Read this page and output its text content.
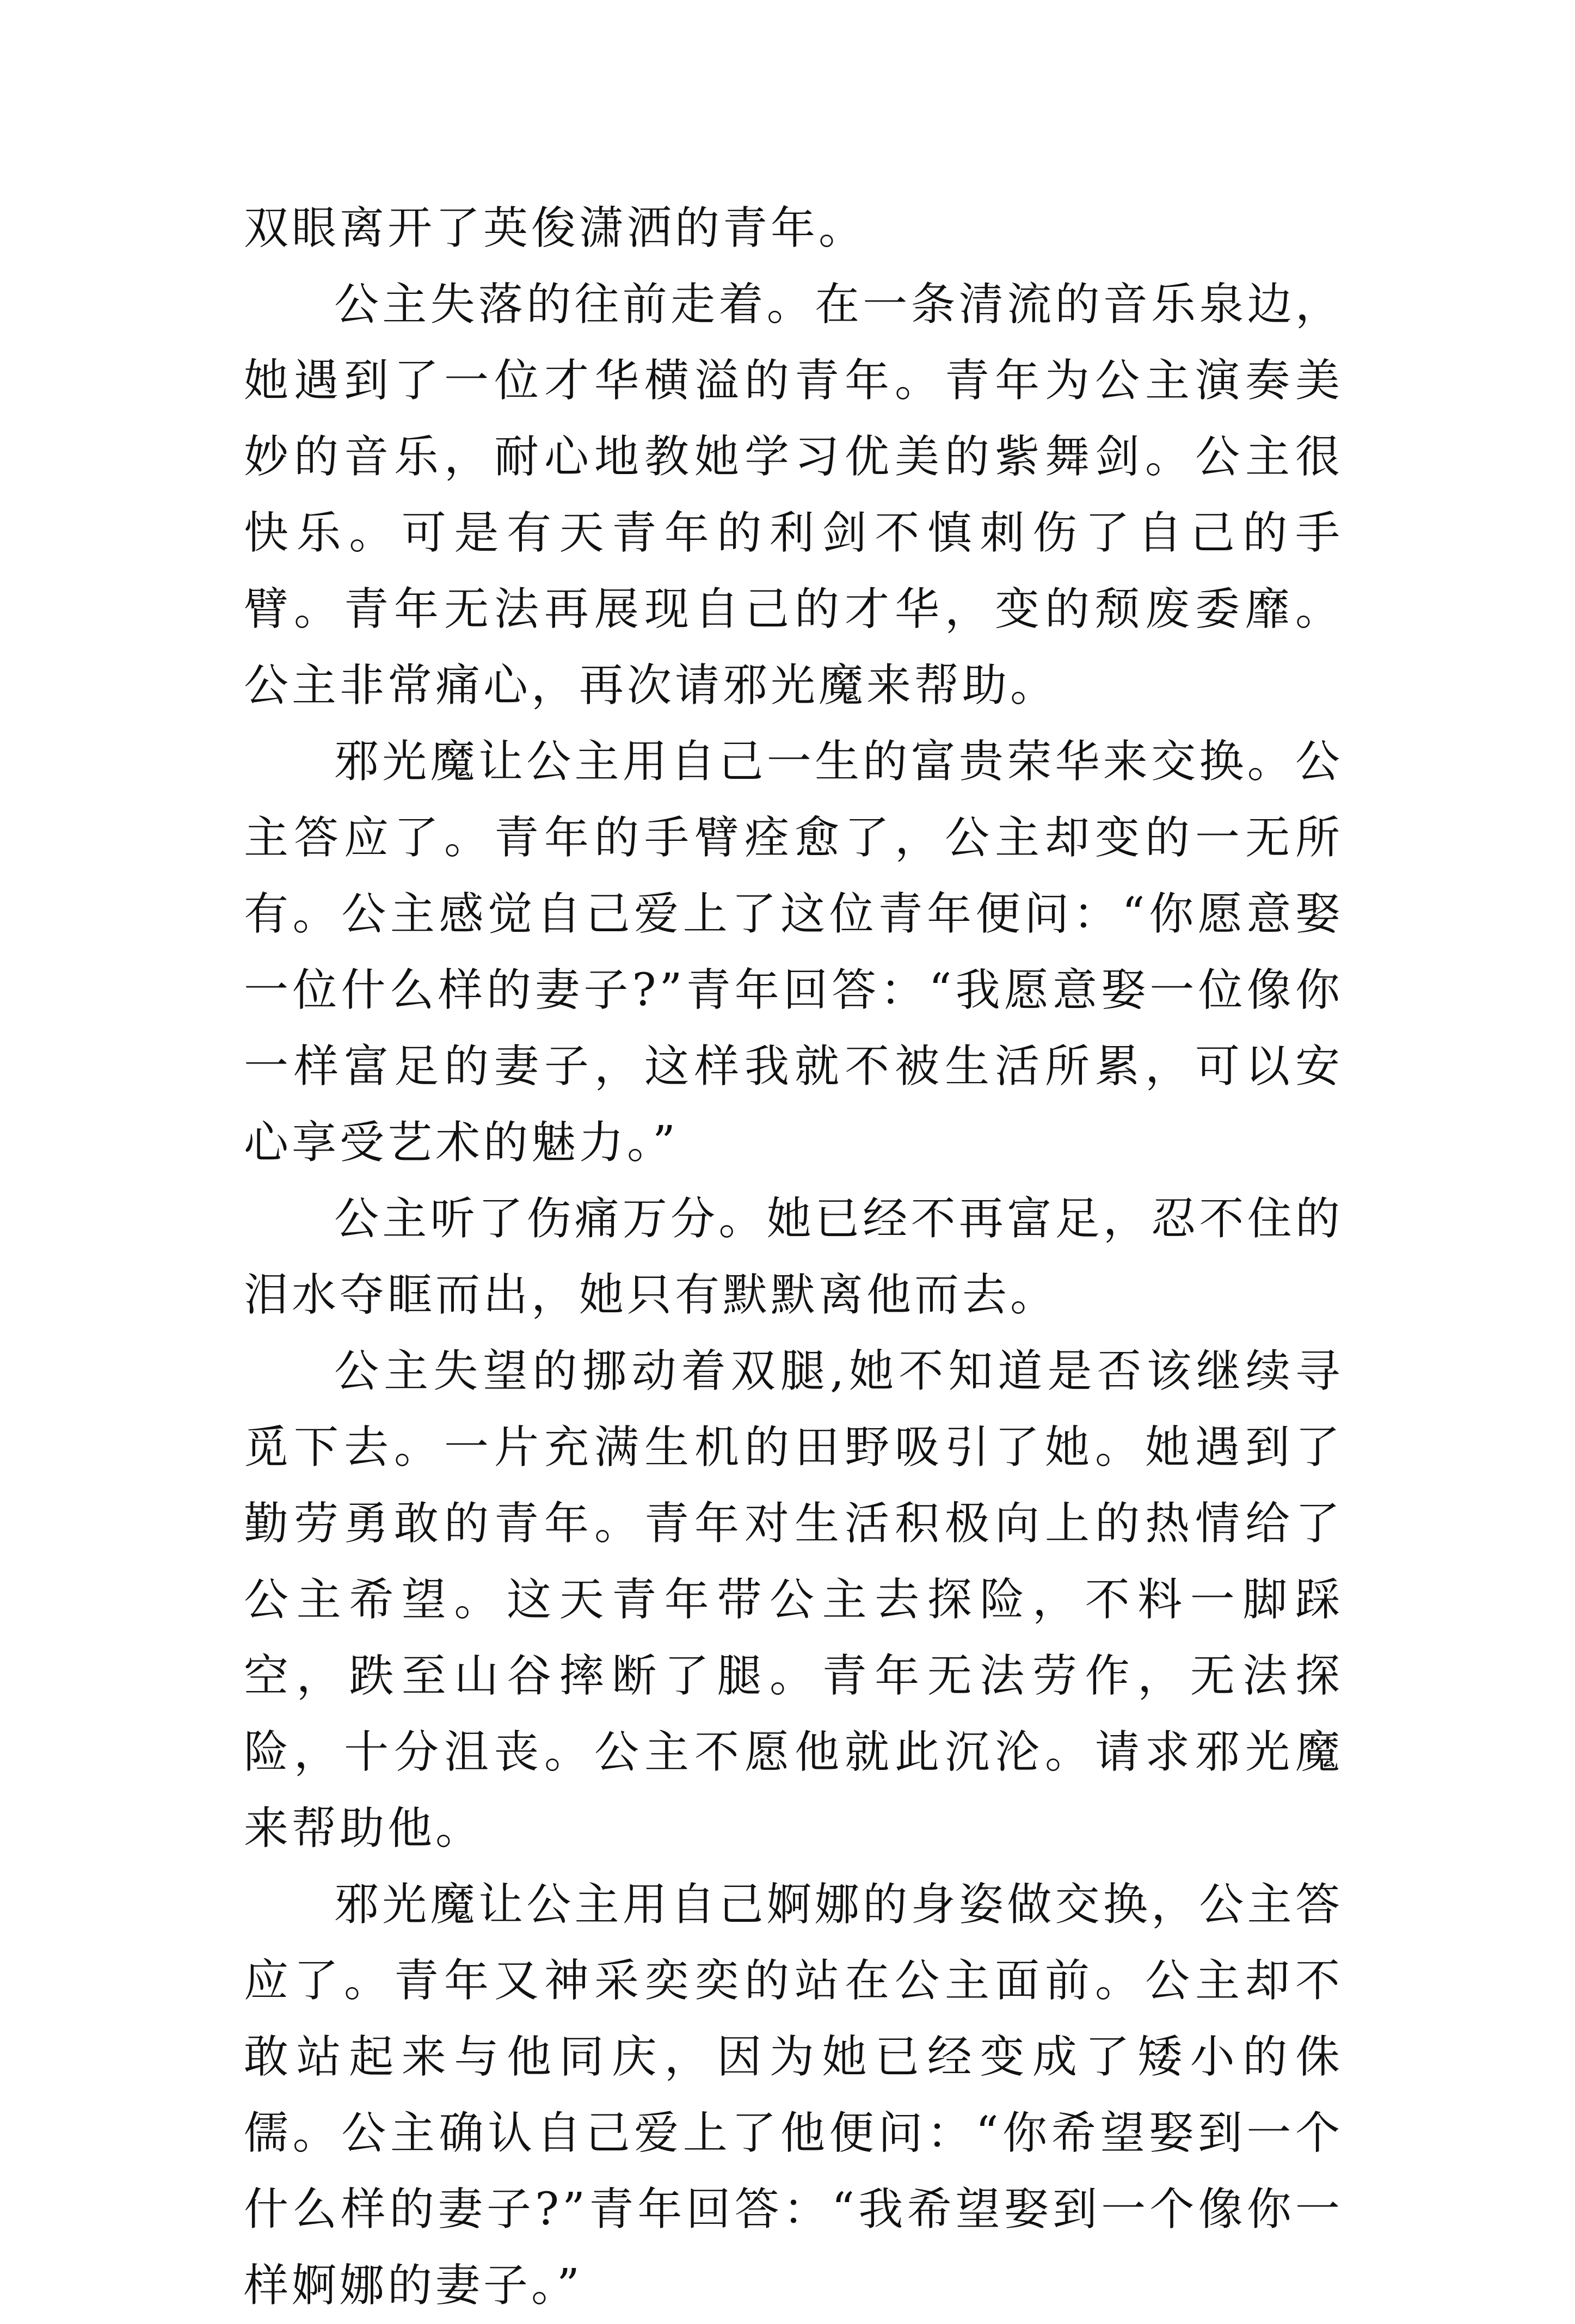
双眼离开了英俊潇洒的青年。

公主失落的往前走着。在一条清流的音乐泉边，她遇到了一位才华横溢的青年。青年为公主演奏美妙的音乐，耐心地教她学习优美的紫舞剑。公主很快乐。可是有天青年的利剑不慎刺伤了自己的手臂。青年无法再展现自己的才华，变的颓废委靡。公主非常痛心，再次请邪光魔来帮助。

邪光魔让公主用自己一生的富贵荣华来交换。公主答应了。青年的手臂痊愈了，公主却变的一无所有。公主感觉自己爱上了这位青年便问：“你愿意娶一位什么样的妻子?”青年回答：“我愿意娶一位像你一样富足的妻子，这样我就不被生活所累，可以安心享受艺术的魅力。”

公主听了伤痛万分。她已经不再富足，忍不住的泪水夺眶而出，她只有默默离他而去。

公主失望的挪动着双腿,她不知道是否该继续寻觅下去。一片充满生机的田野吸引了她。她遇到了勤劳勇敢的青年。青年对生活积极向上的热情给了公主希望。这天青年带公主去探险，不料一脚踩空，跌至山谷摔断了腿。青年无法劳作，无法探险，十分沮丧。公主不愿他就此沉沦。请求邪光魔来帮助他。

邪光魔让公主用自己婀娜的身姿做交换，公主答应了。青年又神采奕奕的站在公主面前。公主却不敢站起来与他同庆，因为她已经变成了矮小的侏儒。公主确认自己爱上了他便问：“你希望娶到一个什么样的妻子?”青年回答：“我希望娶到一个像你一样婀娜的妻子。”
